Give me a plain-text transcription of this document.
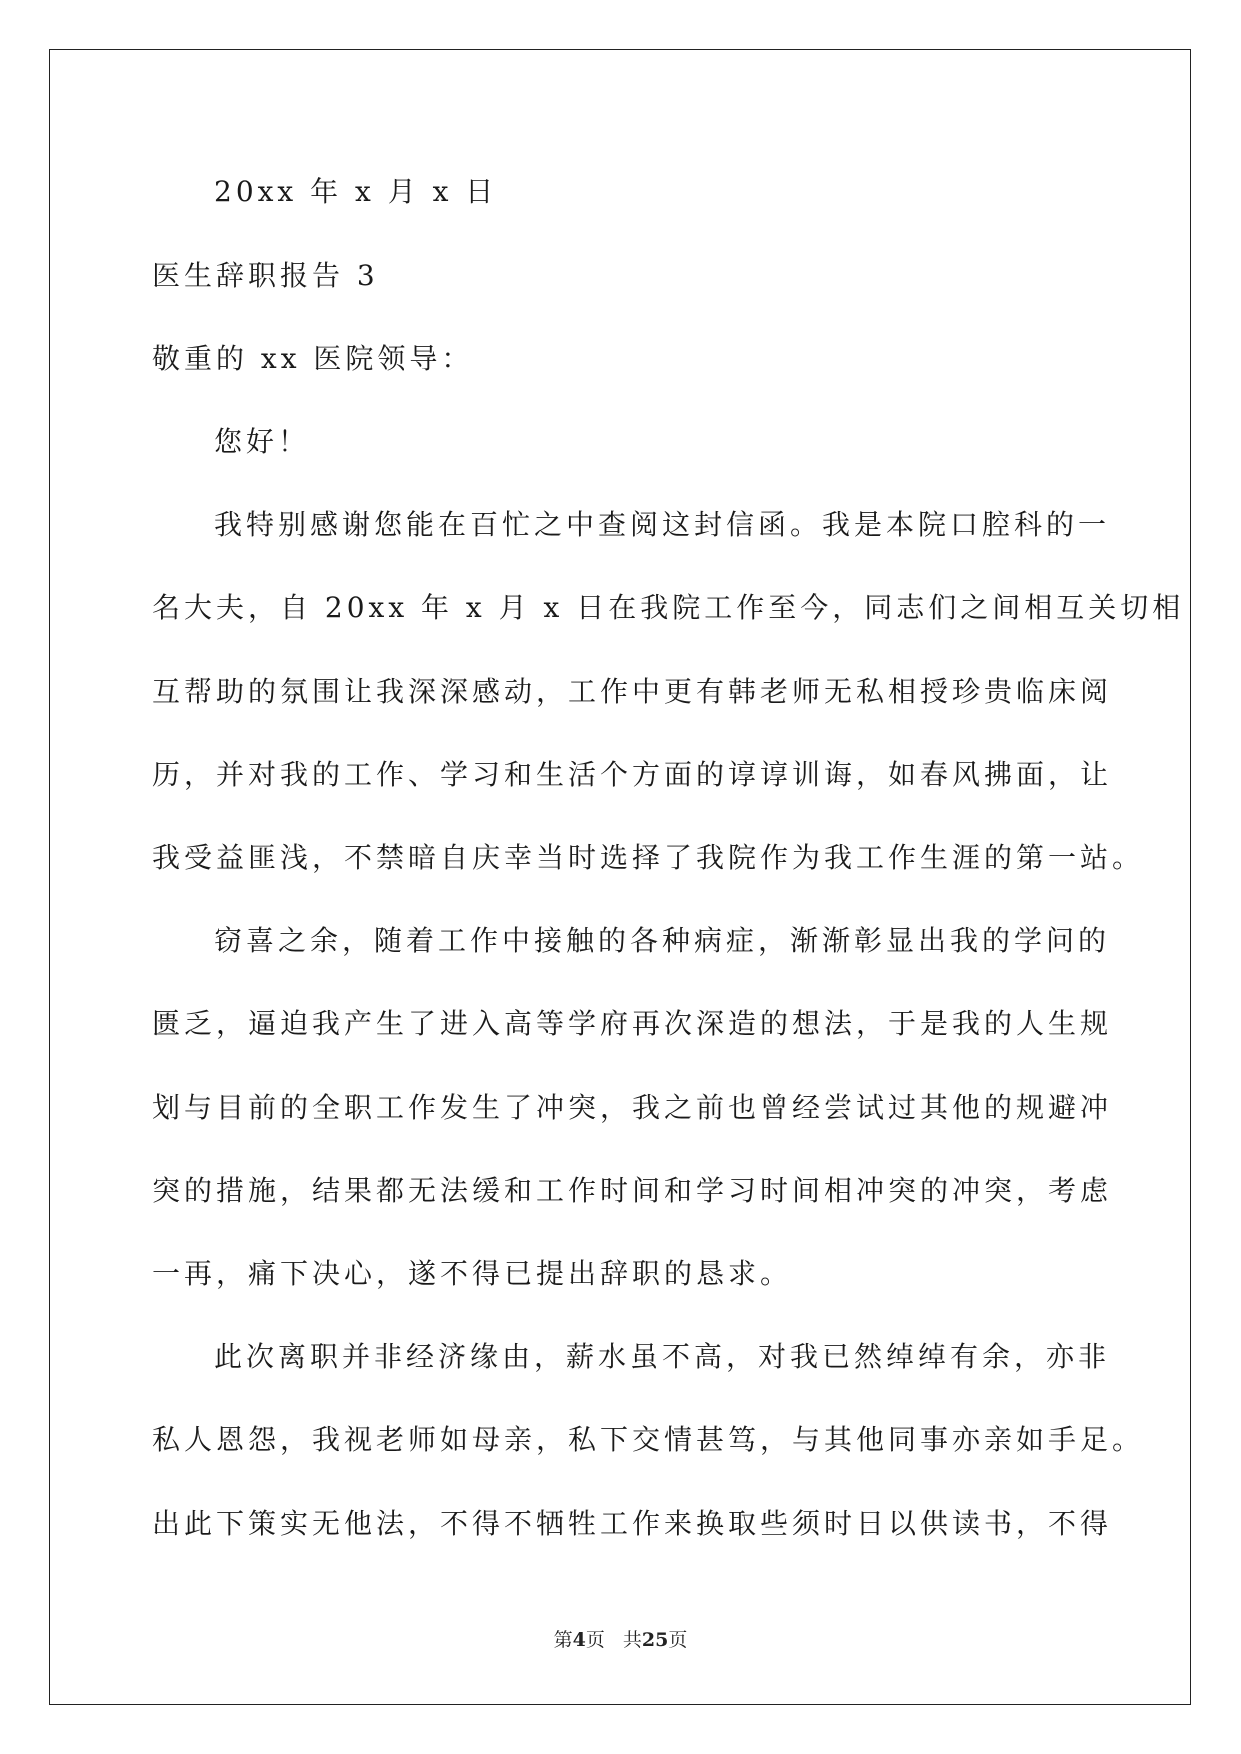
20xx 年 x 月 x 日
医生辞职报告 3
敬重的 xx 医院领导：
您好！
我特别感谢您能在百忙之中查阅这封信函。我是本院口腔科的一
名大夫，自 20xx 年 x 月 x 日在我院工作至今，同志们之间相互关切相
互帮助的氛围让我深深感动，工作中更有韩老师无私相授珍贵临床阅
历，并对我的工作、学习和生活个方面的谆谆训诲，如春风拂面，让
我受益匪浅，不禁暗自庆幸当时选择了我院作为我工作生涯的第一站。
窃喜之余，随着工作中接触的各种病症，渐渐彰显出我的学问的
匮乏，逼迫我产生了进入高等学府再次深造的想法，于是我的人生规
划与目前的全职工作发生了冲突，我之前也曾经尝试过其他的规避冲
突的措施，结果都无法缓和工作时间和学习时间相冲突的冲突，考虑
一再，痛下决心，遂不得已提出辞职的恳求。
此次离职并非经济缘由，薪水虽不高，对我已然绰绰有余，亦非
私人恩怨，我视老师如母亲，私下交情甚笃，与其他同事亦亲如手足。
出此下策实无他法，不得不牺牲工作来换取些须时日以供读书，不得
第4页 共25页
